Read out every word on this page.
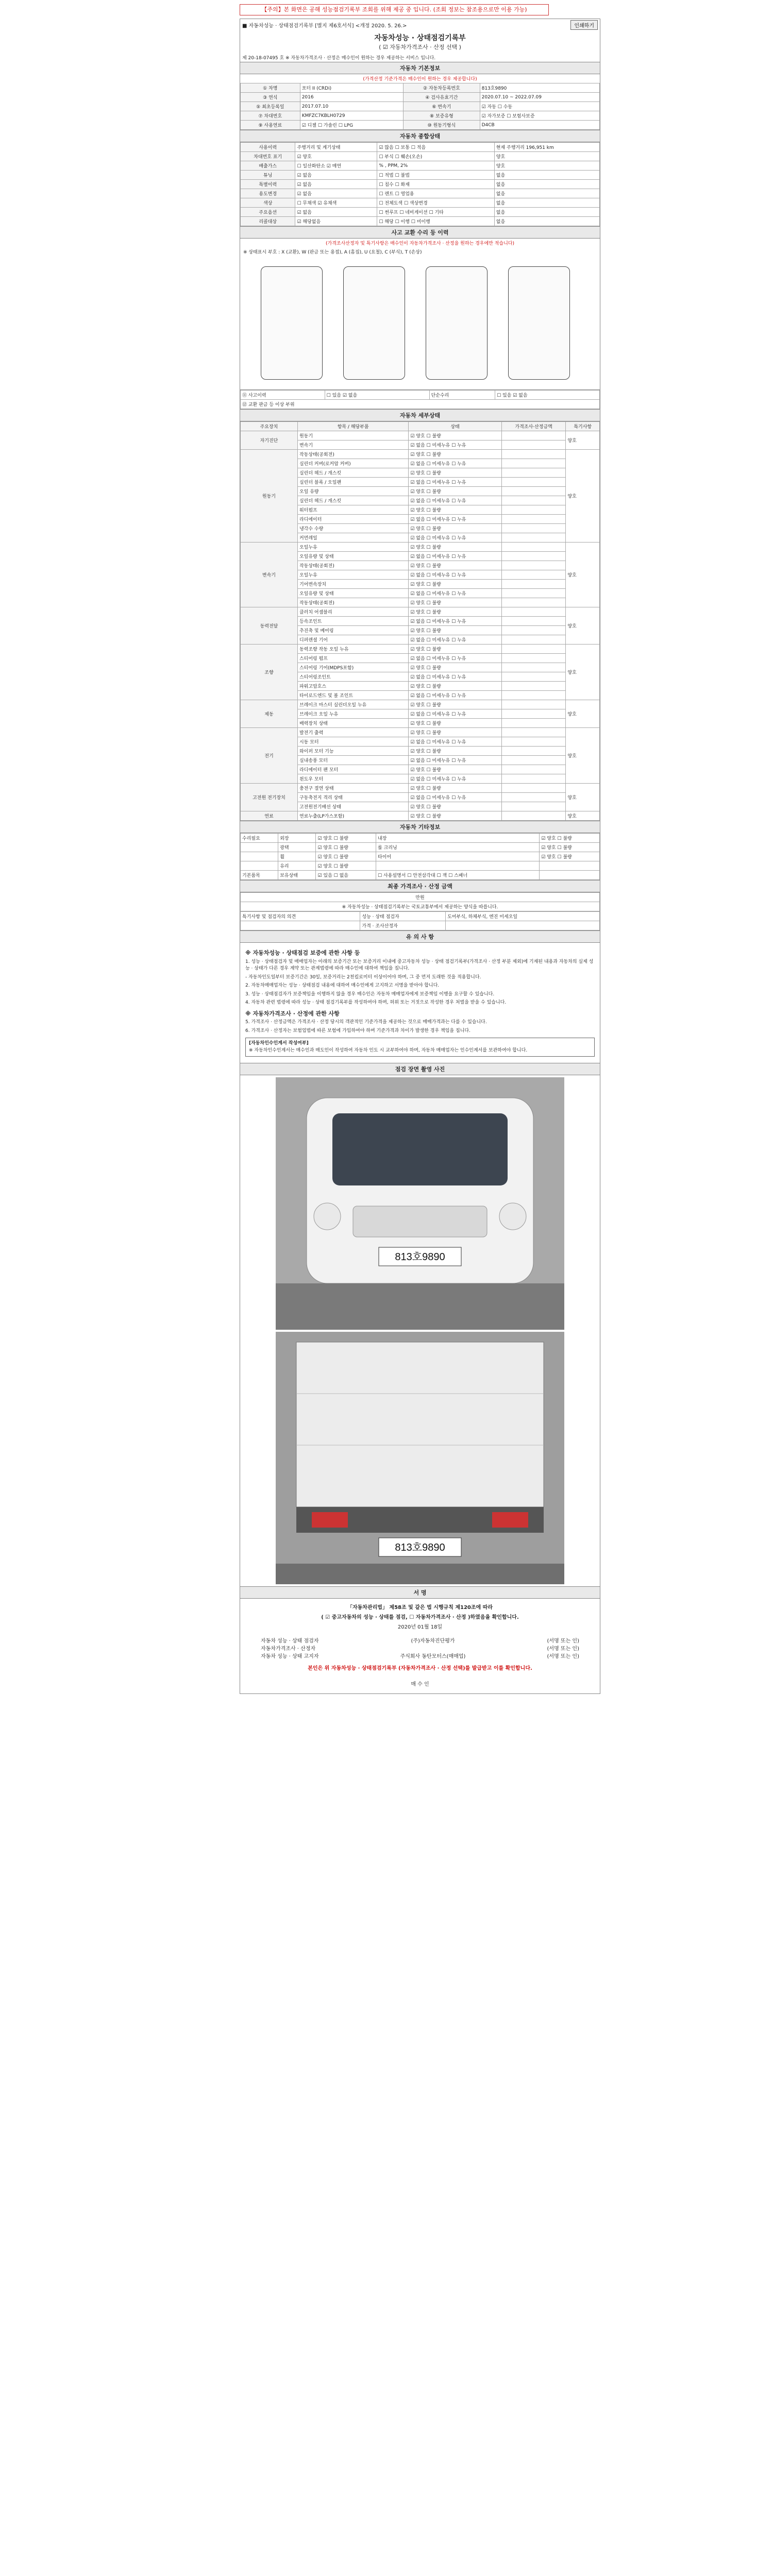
【주의】본 화면은 공해 성능점검기록부 조회를 위해 제공 중 입니다. (조회 정보는 참조용으로만 이용 가능)
■ 자동차성능 · 상태점검기록부 [별지 제6호서식] <개정 2020. 5. 26.>	인쇄하기
자동차성능 · 상태점검기록부
( ☑ 자동차가격조사 · 산정 선택 )
제 20-18-07495 호 ※ 자동차가격조사 · 산정은 매수인이 원하는 경우 제공하는 서비스 입니다.
자동차 기본정보
(가격산정 기준가격은 매수인이 원하는 경우 제공합니다)
① 차명	포터 II (CRDi)	② 자동차등록번호	813호9890
③ 연식	2016	④ 검사유효기간	2020.07.10 ~ 2022.07.09
⑤ 최초등록일	2017.07.10	⑥ 변속기	☑ 자동 ☐ 수동
⑦ 차대번호	KMFZC7KBLH0729	⑧ 보증유형	☑ 자가보증 ☐ 보험사보증
⑨ 사용연료	☑ 디젤 ☐ 가솔린 ☐ LPG	⑩ 원동기형식	D4CB
자동차 종합상태
사용이력	주행거리 및 계기상태	☑ 많음 ☐ 보통 ☐ 적음	현재 주행거리 196,951 km
차대번호 표기	☑ 양호	☐ 부식 ☐ 훼손(오손)	양호
배출가스	☐ 일산화탄소 ☑ 매연	% , PPM, 2%	양호
튜닝	☑ 없음	☐ 적법 ☐ 불법	없음
특별이력	☑ 없음	☐ 침수 ☐ 화재	없음
용도변경	☑ 없음	☐ 렌트 ☐ 영업용	없음
색상	☐ 무채색 ☑ 유채색	☐ 전체도색 ☐ 색상변경	없음
주요옵션	☑ 없음	☐ 썬루프 ☐ 네비게이션 ☐ 기타	없음
리콜대상	☑ 해당없음	☐ 해당 ☐ 이행 ☐ 미이행	없음
사고 교환 수리 등 이력
(가격조사산정자 및 특기사항은 매수인이 자동차가격조사 · 산정을 원하는 경우에만 적습니다)
※ 상태표시 부호 : X (교환), W (판금 또는 용접), A (흠집), U (요철), C (부식), T (손상)
⑪ 사고이력	☐ 있음 ☑ 없음	단순수리	☐ 있음 ☑ 없음
⑫ 교환 판금 등 이상 부위
자동차 세부상태
주요장치	항목 / 해당부품	상태	가격조사·산정금액	특기사항
자기진단	원동기	☑ 양호 ☐ 불량		양호
	변속기	☑ 없음 ☐ 미세누유 ☐ 누유		
원동기	작동상태(공회전)	☑ 양호 ☐ 불량		양호
	실린더 커버(로커암 커버)	☑ 없음 ☐ 미세누유 ☐ 누유		
	실린더 헤드 / 개스킷	☑ 양호 ☐ 불량		
	실린더 블록 / 오일팬	☑ 없음 ☐ 미세누유 ☐ 누유		
	오일 유량	☑ 양호 ☐ 불량		
	실린더 헤드 / 개스킷	☑ 없음 ☐ 미세누유 ☐ 누유		
	워터펌프	☑ 양호 ☐ 불량		
	라디에이터	☑ 없음 ☐ 미세누유 ☐ 누유		
	냉각수 수량	☑ 양호 ☐ 불량		
	커먼레일	☑ 없음 ☐ 미세누유 ☐ 누유		
변속기	오일누유	☑ 양호 ☐ 불량		양호
	오일유량 및 상태	☑ 없음 ☐ 미세누유 ☐ 누유		
	작동상태(공회전)	☑ 양호 ☐ 불량		
	오일누유	☑ 없음 ☐ 미세누유 ☐ 누유		
	기어변속장치	☑ 양호 ☐ 불량		
	오일유량 및 상태	☑ 없음 ☐ 미세누유 ☐ 누유		
	작동상태(공회전)	☑ 양호 ☐ 불량		
동력전달	클러치 어셈블리	☑ 양호 ☐ 불량		양호
	등속조인트	☑ 없음 ☐ 미세누유 ☐ 누유		
	추진축 및 베어링	☑ 양호 ☐ 불량		
	디퍼렌셜 기어	☑ 없음 ☐ 미세누유 ☐ 누유		
조향	동력조향 작동 오일 누유	☑ 양호 ☐ 불량		양호
	스티어링 펌프	☑ 없음 ☐ 미세누유 ☐ 누유		
	스티어링 기어(MDPS포함)	☑ 양호 ☐ 불량		
	스티어링조인트	☑ 없음 ☐ 미세누유 ☐ 누유		
	파워고압호스	☑ 양호 ☐ 불량		
	타이로드엔드 및 볼 조인트	☑ 없음 ☐ 미세누유 ☐ 누유		
제동	브레이크 마스터 실린더오일 누유	☑ 양호 ☐ 불량		양호
	브레이크 오일 누유	☑ 없음 ☐ 미세누유 ☐ 누유		
	배력장치 상태	☑ 양호 ☐ 불량		
전기	발전기 출력	☑ 양호 ☐ 불량		양호
	시동 모터	☑ 없음 ☐ 미세누유 ☐ 누유		
	와이퍼 모터 기능	☑ 양호 ☐ 불량		
	실내송풍 모터	☑ 없음 ☐ 미세누유 ☐ 누유		
	라디에이터 팬 모터	☑ 양호 ☐ 불량		
	윈도우 모터	☑ 없음 ☐ 미세누유 ☐ 누유		
고전원 전기장치	충전구 절연 상태	☑ 양호 ☐ 불량		양호
	구동축전지 격리 상태	☑ 없음 ☐ 미세누유 ☐ 누유		
	고전원전기배선 상태	☑ 양호 ☐ 불량		
연료	연료누출(LP가스포함)	☑ 양호 ☐ 불량		양호
자동차 기타정보
수리필요	외장	☑ 양호 ☐ 불량	내장	☑ 양호 ☐ 불량
	광택	☑ 양호 ☐ 불량	룸 크리닝	☑ 양호 ☐ 불량
	휠	☑ 양호 ☐ 불량	타이어	☑ 양호 ☐ 불량
	유리	☑ 양호 ☐ 불량		
기본품목	보유상태	☑ 있음 ☐ 없음	☐ 사용설명서 ☐ 안전삼각대 ☐ 잭 ☐ 스패너	
최종 가격조사 · 산정 금액
만원
※ 자동차성능 · 상태점검기록부는 국토교통부에서 제공하는 양식을 따릅니다.
특기사항 및 점검자의 의견	성능 · 상태 점검자	도어부식, 하체부식, 엔진 미세오일
	가격 · 조사산정자	
유 의 사 항
※ 자동차성능 · 상태점검 보증에 관한 사항 등

1. 성능 · 상태점검자 및 매매업자는 아래의 보증기간 또는 보증거리 이내에 중고자동차 성능 · 상태 점검기록부(가격조사 · 산정 부분 제외)에 기재된 내용과 자동차의 실제 성능 · 상태가 다른 경우 계약 또는 관계법령에 따라 매수인에 대하여 책임을 집니다.

- 자동차인도일부터 보증기간은 30일, 보증거리는 2천킬로미터 이상이어야 하며, 그 중 먼저 도래한 것을 적용합니다.

2. 자동차매매업자는 성능 · 상태점검 내용에 대하여 매수인에게 고지하고 서명을 받아야 합니다.

3. 성능 · 상태점검자가 보증책임을 이행하지 않을 경우 매수인은 자동차 매매업자에게 보증책임 이행을 요구할 수 있습니다.

4. 자동차 관련 법령에 따라 성능 · 상태 점검기록부를 작성하여야 하며, 허위 또는 거짓으로 작성한 경우 처벌을 받을 수 있습니다.

※ 자동차가격조사 · 산정에 관한 사항

5. 가격조사 · 산정금액은 가격조사 · 산정 당시의 객관적인 기준가격을 제공하는 것으로 매매가격과는 다를 수 있습니다.

6. 가격조사 · 산정자는 보험업법에 따른 보험에 가입하여야 하며 기준가격과 차이가 발생한 경우 책임을 집니다.

[자동차인수인계서 작성여부]
※ 자동차인수인계서는 매수인과 매도인이 작성하여 자동차 인도 시 교부하여야 하며, 자동차 매매업자는 인수인계서를 보관하여야 합니다.
점검 장면 촬영 사진
813호9890
813호9890
서 명
「자동차관리법」 제58조 및 같은 법 시행규칙 제120조에 따라
( ☑ 중고자동차의 성능 · 상태를 점검, ☐ 자동차가격조사 · 산정 )하였음을 확인합니다.
2020년 01월 18일
자동차 성능 · 상태 점검자	(주)자동차진단평가	(서명 또는 인)
자동차가격조사 · 산정자	(서명 또는 인)
자동차 성능 · 상태 고지자	주식회사 동탄모터스(매매업)	(서명 또는 인)
본인은 위 자동차성능 · 상태점검기록부 (자동차가격조사 · 산정 선택)를 발급받고 이를 확인합니다.
매 수 인
